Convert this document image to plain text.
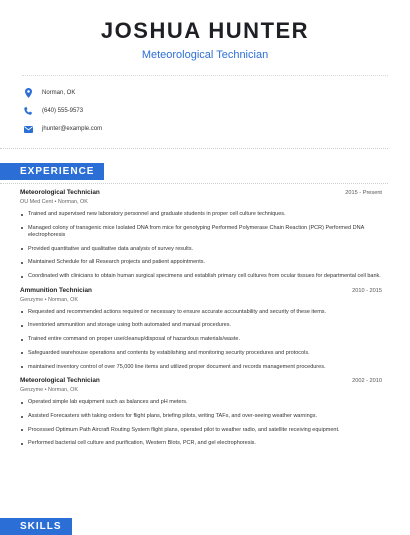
JOSHUA HUNTER
Meteorological Technician
Norman, OK
(640) 555-9573
jhunter@example.com
EXPERIENCE
Meteorological Technician	2015 - Present
OU Med Cent • Norman, OK
Trained and supervised new laboratory personnel and graduate students in proper cell culture techniques.
Managed colony of transgenic mice Isolated DNA from mice for genotyping Performed Polymerase Chain Reaction (PCR) Performed DNA electrophoresis
Provided quantitative and qualitative data analysis of survey results.
Maintained Schedule for all Research projects and patient appointments.
Coordinated with clinicians to obtain human surgical specimens and establish primary cell cultures from ocular tissues for departmental cell bank.
Ammunition Technician	2010 - 2015
Genzyme • Norman, OK
Requested and recommended actions required or necessary to ensure accurate accountability and security of these items.
Inventoried ammunition and storage using both automated and manual procedures.
Trained entire command on proper use/cleanup/disposal of hazardous materials/waste.
Safeguarded warehouse operations and contents by establishing and monitoring security procedures and protocols.
maintained inventory control of over 75,000 line items and utilized proper document and records management procedures.
Meteorological Technician	2002 - 2010
Genzyme • Norman, OK
Operated simple lab equipment such as balances and pH meters.
Assisted Forecasters with taking orders for flight plans, briefing pilots, writing TAFs, and over-seeing weather warnings.
Processed Optimum Path Aircraft Routing System flight plans, operated pilot to weather radio, and satellite receiving equipment.
Performed bacterial cell culture and purification, Western Blots, PCR, and gel electrophoresis.
SKILLS
